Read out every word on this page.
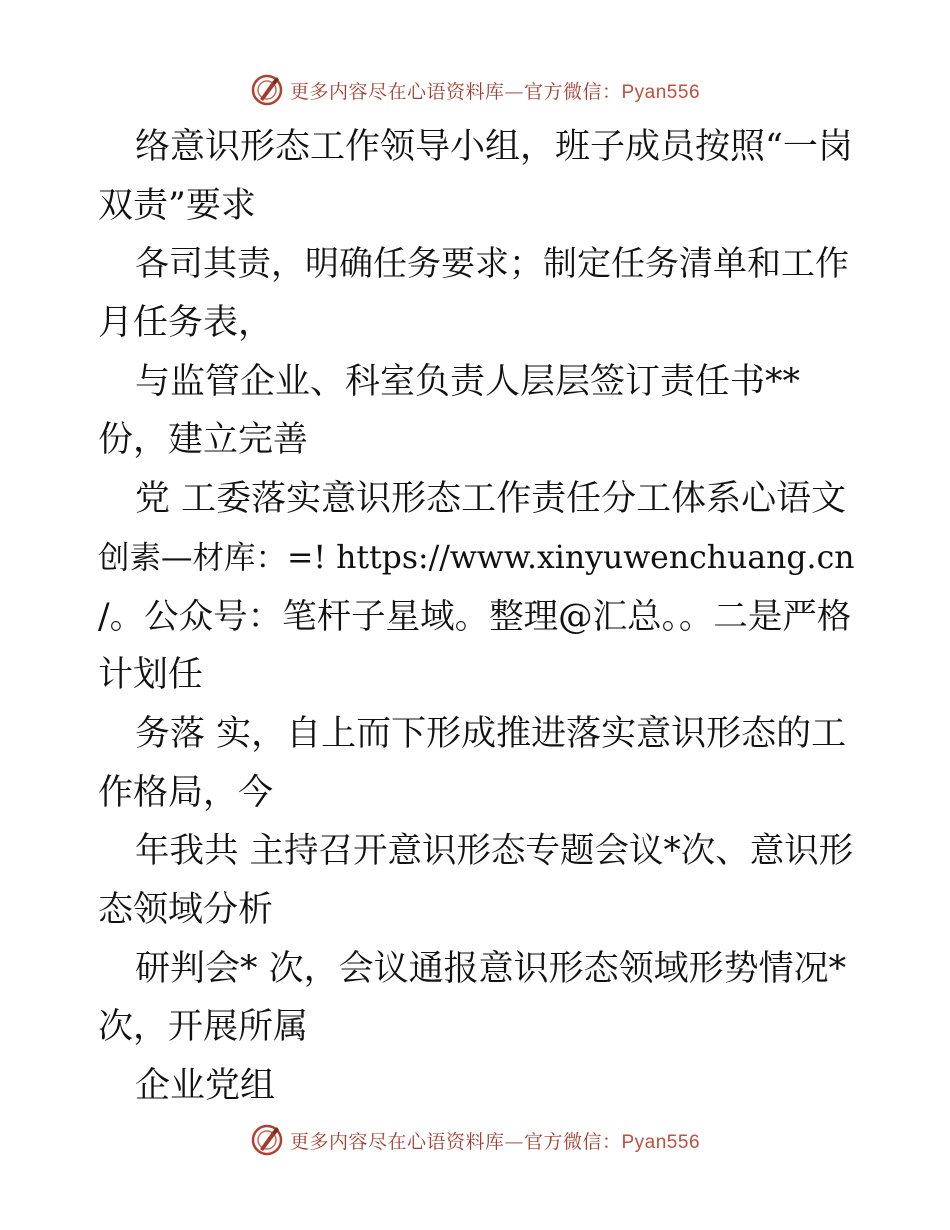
更多内容尽在心语资料库—官方微信：Pyan556
络意识形态工作领导小组，班子成员按照“一岗
双责”要求
各司其责，明确任务要求；制定任务清单和工作
月任务表，
与监管企业、科室负责人层层签订责任书**
份，建立完善
党 工委落实意识形态工作责任分工体系心语文
创素—材库：=! https://www.xinyuwenchuang.cn
/。公众号：笔杆子星域。整理@汇总。。二是严格
计划任
务落 实，自上而下形成推进落实意识形态的工
作格局，今
年我共 主持召开意识形态专题会议*次、意识形
态领域分析
研判会* 次，会议通报意识形态领域形势情况*
次，开展所属
企业党组
更多内容尽在心语资料库—官方微信：Pyan556
